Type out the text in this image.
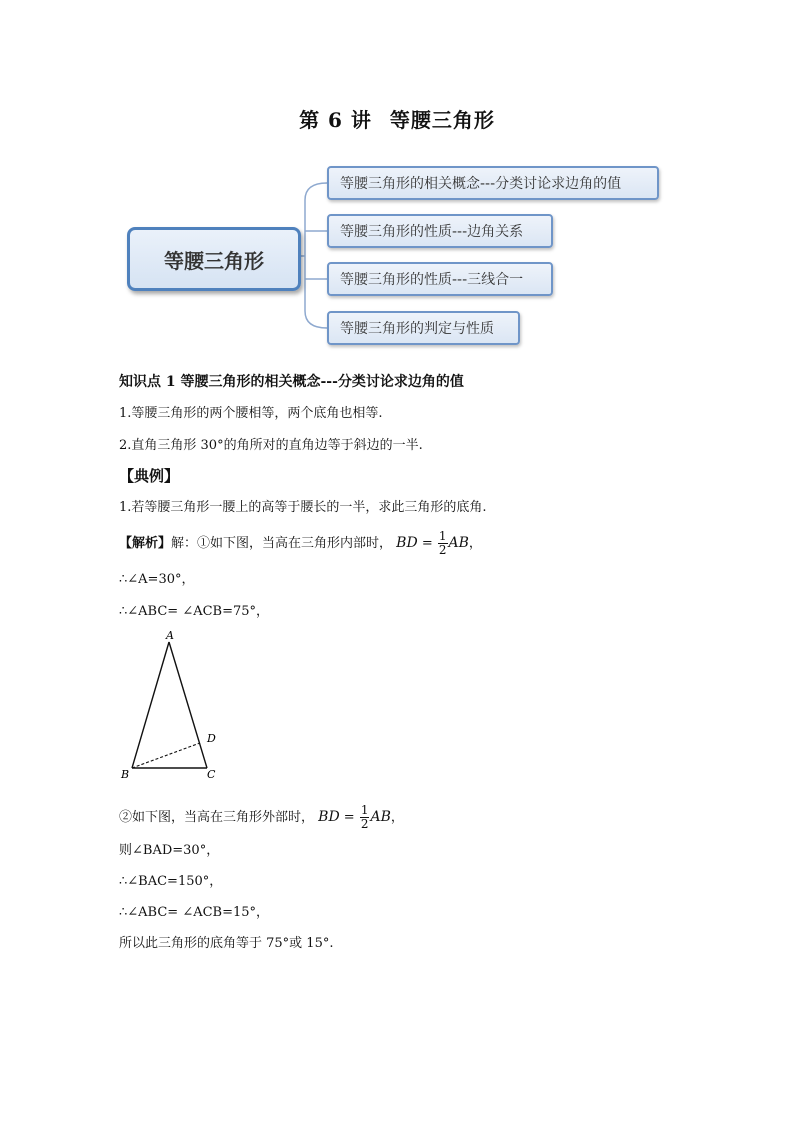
第 6 讲 等腰三角形
等腰三角形
等腰三角形的相关概念---分类讨论求边角的值
等腰三角形的性质---边角关系
等腰三角形的性质---三线合一
等腰三角形的判定与性质
知识点 1 等腰三角形的相关概念---分类讨论求边角的值
1.等腰三角形的两个腰相等，两个底角也相等.
2.直角三角形 30°的角所对的直角边等于斜边的一半.
【典例】
1.若等腰三角形一腰上的高等于腰长的一半，求此三角形的底角.
【解析】解：①如下图，当高在三角形内部时， BD = $\frac{1}{2}$ AB，
∴∠A=30°，
∴∠ABC= ∠ACB=75°，
A
B	C
D
②如下图，当高在三角形外部时， BD = $\frac{1}{2}$ AB，
则∠BAD=30°，
∴∠BAC=150°，
∴∠ABC= ∠ACB=15°，
所以此三角形的底角等于 75°或 15°.
